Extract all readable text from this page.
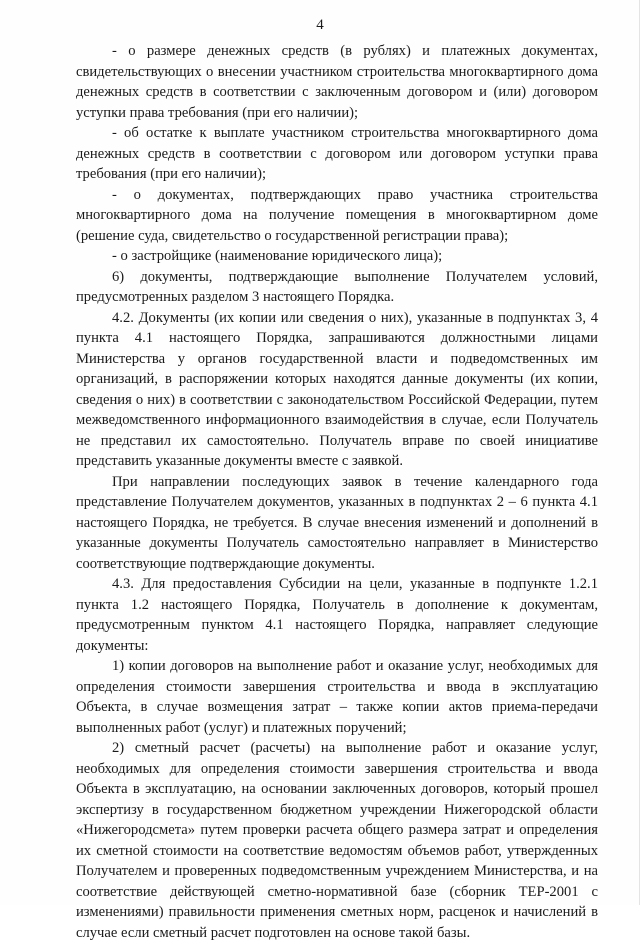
4

- о размере денежных средств (в рублях) и платежных документах, свидетельствующих о внесении участником строительства многоквартирного дома денежных средств в соответствии с заключенным договором и (или) договором уступки права требования (при его наличии);

- об остатке к выплате участником строительства многоквартирного дома денежных средств в соответствии с договором или договором уступки права требования (при его наличии);

- о документах, подтверждающих право участника строительства многоквартирного дома на получение помещения в многоквартирном доме (решение суда, свидетельство о государственной регистрации права);

- о застройщике (наименование юридического лица);

6) документы, подтверждающие выполнение Получателем условий, предусмотренных разделом 3 настоящего Порядка.

4.2. Документы (их копии или сведения о них), указанные в подпунктах 3, 4 пункта 4.1 настоящего Порядка, запрашиваются должностными лицами Министерства у органов государственной власти и подведомственных им организаций, в распоряжении которых находятся данные документы (их копии, сведения о них) в соответствии с законодательством Российской Федерации, путем межведомственного информационного взаимодействия в случае, если Получатель не представил их самостоятельно. Получатель вправе по своей инициативе представить указанные документы вместе с заявкой.

При направлении последующих заявок в течение календарного года представление Получателем документов, указанных в подпунктах 2 – 6 пункта 4.1 настоящего Порядка, не требуется. В случае внесения изменений и дополнений в указанные документы Получатель самостоятельно направляет в Министерство соответствующие подтверждающие документы.

4.3. Для предоставления Субсидии на цели, указанные в подпункте 1.2.1 пункта 1.2 настоящего Порядка, Получатель в дополнение к документам, предусмотренным пунктом 4.1 настоящего Порядка, направляет следующие документы:

1) копии договоров на выполнение работ и оказание услуг, необходимых для определения стоимости завершения строительства и ввода в эксплуатацию Объекта, в случае возмещения затрат – также копии актов приема-передачи выполненных работ (услуг) и платежных поручений;

2) сметный расчет (расчеты) на выполнение работ и оказание услуг, необходимых для определения стоимости завершения строительства и ввода Объекта в эксплуатацию, на основании заключенных договоров, который прошел экспертизу в государственном бюджетном учреждении Нижегородской области «Нижегородсмета» путем проверки расчета общего размера затрат и определения их сметной стоимости на соответствие ведомостям объемов работ, утвержденных Получателем и проверенных подведомственным учреждением Министерства, и на соответствие действующей сметно-нормативной базе (сборник ТЕР-2001 с изменениями) правильности применения сметных норм, расценок и начислений в случае если сметный расчет подготовлен на основе такой базы.
